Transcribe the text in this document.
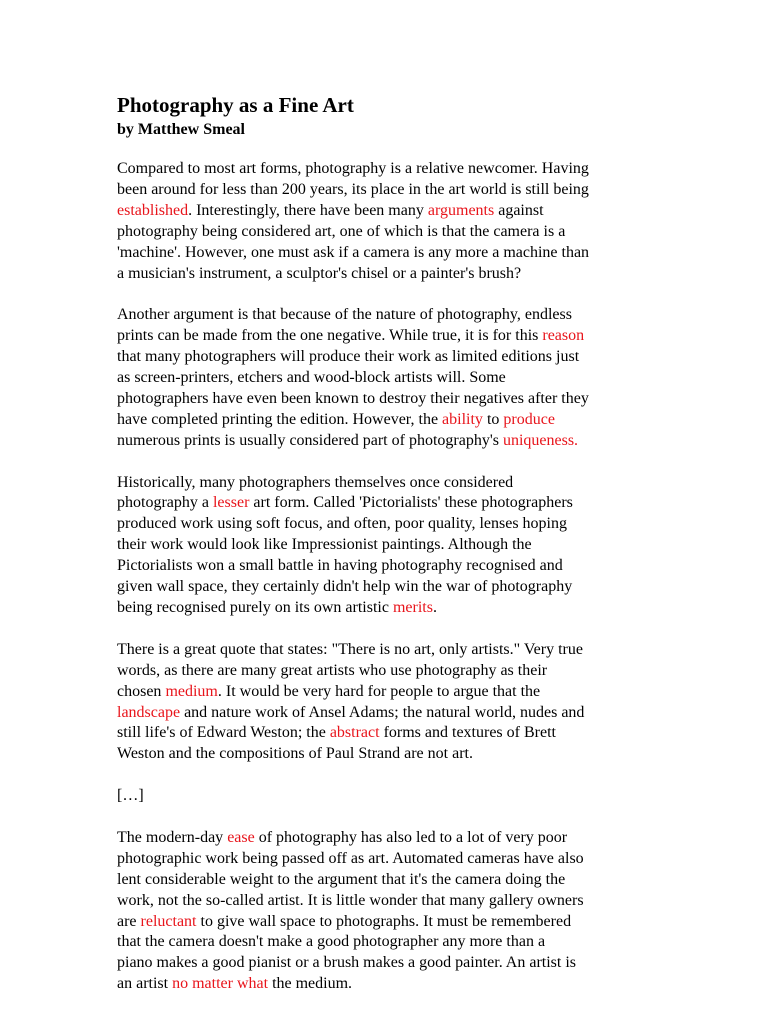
Photography as a Fine Art

by Matthew Smeal

Compared to most art forms, photography is a relative newcomer. Having
been around for less than 200 years, its place in the art world is still being
established. Interestingly, there have been many arguments against
photography being considered art, one of which is that the camera is a
'machine'. However, one must ask if a camera is any more a machine than
a musician's instrument, a sculptor's chisel or a painter's brush?

Another argument is that because of the nature of photography, endless
prints can be made from the one negative. While true, it is for this reason
that many photographers will produce their work as limited editions just
as screen-printers, etchers and wood-block artists will. Some
photographers have even been known to destroy their negatives after they
have completed printing the edition. However, the ability to produce
numerous prints is usually considered part of photography's uniqueness.

Historically, many photographers themselves once considered
photography a lesser art form. Called 'Pictorialists' these photographers
produced work using soft focus, and often, poor quality, lenses hoping
their work would look like Impressionist paintings. Although the
Pictorialists won a small battle in having photography recognised and
given wall space, they certainly didn't help win the war of photography
being recognised purely on its own artistic merits.

There is a great quote that states: "There is no art, only artists." Very true
words, as there are many great artists who use photography as their
chosen medium. It would be very hard for people to argue that the
landscape and nature work of Ansel Adams; the natural world, nudes and
still life's of Edward Weston; the abstract forms and textures of Brett
Weston and the compositions of Paul Strand are not art.

[…]

The modern-day ease of photography has also led to a lot of very poor
photographic work being passed off as art. Automated cameras have also
lent considerable weight to the argument that it's the camera doing the
work, not the so-called artist. It is little wonder that many gallery owners
are reluctant to give wall space to photographs. It must be remembered
that the camera doesn't make a good photographer any more than a
piano makes a good pianist or a brush makes a good painter. An artist is
an artist no matter what the medium.
